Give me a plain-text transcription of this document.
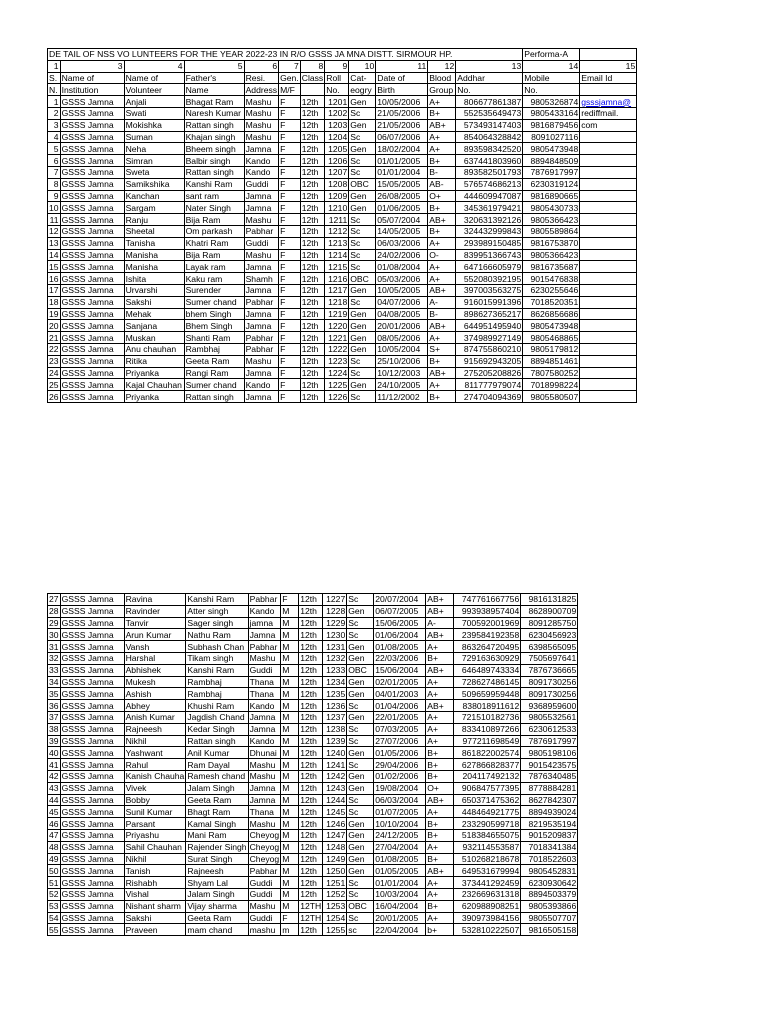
DE TAIL OF NSS VO LUNTEERS FOR THE YEAR 2022-23 IN R/O GSSS JA MNA DISTT. SIRMOUR HP.												Performa-A	
1	3	4	5	6	7	8	9	10	11	12	13	14	15
S.	Name of	Name of	Father's	Resi.	Gen.	Class	Roll	Cat-	Date of	Blood	Addhar	Mobile	Email Id
N.	Institution	Volunteer	Name	Address	M/F		No.	eogry	Birth	Group	No.	No.	
1	GSSS Jamna	Anjali	Bhagat Ram	Mashu	F	12th	1201	Gen	10/05/2006	A+	806677861387	9805326874	gsssjamna@
2	GSSS Jamna	Swati	Naresh Kumar	Mashu	F	12th	1202	Sc	21/05/2006	B+	552535649473	9805433164	rediffmail.
3	GSSS Jamna	Mokishka	Rattan singh	Mashu	F	12th	1203	Gen	21/05/2006	AB+	573493147403	9816879456	com
4	GSSS Jamna	Suman	Khajan singh	Mashu	F	12th	1204	Sc	06/07/2006	A+	854064328842	8091027116	
5	GSSS Jamna	Neha	Bheem singh	Jamna	F	12th	1205	Gen	18/02/2004	A+	893598342520	9805473948	
6	GSSS Jamna	Simran	Balbir singh	Kando	F	12th	1206	Sc	01/01/2005	B+	637441803960	8894848509	
7	GSSS Jamna	Sweta	Rattan singh	Kando	F	12th	1207	Sc	01/01/2004	B-	893582501793	7876917997	
8	GSSS Jamna	Samikshika	Kanshi Ram	Guddi	F	12th	1208	OBC	15/05/2005	AB-	576574686213	6230319124	
9	GSSS Jamna	Kanchan	sant ram	Jamna	F	12th	1209	Gen	26/08/2005	O+	444609947087	9816890665	
10	GSSS Jamna	Sargam	Nater Singh	Jamna	F	12th	1210	Gen	01/06/2005	B+	345361979421	9805430733	
11	GSSS Jamna	Ranju	Bija Ram	Mashu	F	12th	1211	Sc	05/07/2004	AB+	320631392126	9805366423	
12	GSSS Jamna	Sheetal	Om parkash	Pabhar	F	12th	1212	Sc	14/05/2005	B+	324432999843	9805589864	
13	GSSS Jamna	Tanisha	Khatri Ram	Guddi	F	12th	1213	Sc	06/03/2006	A+	293989150485	9816753870	
14	GSSS Jamna	Manisha	Bija Ram	Mashu	F	12th	1214	Sc	24/02/2006	O-	839951366743	9805366423	
15	GSSS Jamna	Manisha	Layak ram	Jamna	F	12th	1215	Sc	01/08/2004	A+	647166605979	9816735687	
16	GSSS Jamna	Ishita	Kaku ram	Shamh	F	12th	1216	OBC	05/03/2006	A+	552080392195	9015476838	
17	GSSS Jamna	Urvarshi	Surender	Jamna	F	12th	1217	Gen	10/05/2005	AB+	397003563275	6230255646	
18	GSSS Jamna	Sakshi	Sumer chand	Pabhar	F	12th	1218	Sc	04/07/2006	A-	916015991396	7018520351	
19	GSSS Jamna	Mehak	bhem Singh	Jamna	F	12th	1219	Gen	04/08/2005	B-	898627365217	8626856686	
20	GSSS Jamna	Sanjana	Bhem Singh	Jamna	F	12th	1220	Gen	20/01/2006	AB+	644951495940	9805473948	
21	GSSS Jamna	Muskan	Shanti Ram	Pabhar	F	12th	1221	Gen	08/05/2006	A+	374989927149	9805468865	
22	GSSS Jamna	Anu chauhan	Rambhaj	Pabhar	F	12th	1222	Gen	10/05/2004	S+	874755860210	9805179812	
23	GSSS Jamna	Ritika	Geeta Ram	Mashu	F	12th	1223	Sc	25/10/2006	B+	915692943205	8894851461	
24	GSSS Jamna	Priyanka	Rangi Ram	Jamna	F	12th	1224	Sc	10/12/2003	AB+	275205208826	7807580252	
25	GSSS Jamna	Kajal Chauhan	Sumer chand	Kando	F	12th	1225	Gen	24/10/2005	A+	811777979074	7018998224	
26	GSSS Jamna	Priyanka	Rattan singh	Jamna	F	12th	1226	Sc	11/12/2002	B+	274704094369	9805580507	
27	GSSS Jamna	Ravina	Kanshi Ram	Pabhar	F	12th	1227	Sc	20/07/2004	AB+	747761667756	9816131825
28	GSSS Jamna	Ravinder	Atter singh	Kando	M	12th	1228	Gen	06/07/2005	AB+	993938957404	8628900709
29	GSSS Jamna	Tanvir	Sager singh	jamna	M	12th	1229	Sc	15/06/2005	A-	700592001969	8091285750
30	GSSS Jamna	Arun Kumar	Nathu Ram	Jamna	M	12th	1230	Sc	01/06/2004	AB+	239584192358	6230456923
31	GSSS Jamna	Vansh	Subhash Chan	Pabhar	M	12th	1231	Gen	01/08/2005	A+	863264720495	6398565095
32	GSSS Jamna	Harshal	Tikam singh	Mashu	M	12th	1232	Gen	22/03/2006	B+	729163630929	7505697641
33	GSSS Jamna	Abhishek	Kanshi Ram	Guddi	M	12th	1233	OBC	15/06/2004	AB+	646489743334	7876736665
34	GSSS Jamna	Mukesh	Rambhaj	Thana	M	12th	1234	Gen	02/01/2005	A+	728627486145	8091730256
35	GSSS Jamna	Ashish	Rambhaj	Thana	M	12th	1235	Gen	04/01/2003	A+	509659959448	8091730256
36	GSSS Jamna	Abhey	Khushi Ram	Kando	M	12th	1236	Sc	01/04/2006	AB+	838018911612	9368959600
37	GSSS Jamna	Anish Kumar	Jagdish Chand	Jamna	M	12th	1237	Gen	22/01/2005	A+	721510182736	9805532561
38	GSSS Jamna	Rajneesh	Kedar Singh	Jamna	M	12th	1238	Sc	07/03/2005	A+	833410897266	6230612533
39	GSSS Jamna	Nikhil	Rattan singh	Kando	M	12th	1239	Sc	27/07/2006	A+	977211698549	7876917997
40	GSSS Jamna	Yashwant	Anil Kumar	Dhunai	M	12th	1240	Gen	01/05/2006	B+	861822002574	9805198106
41	GSSS Jamna	Rahul	Ram Dayal	Mashu	M	12th	1241	Sc	29/04/2006	B+	627866828377	9015423575
42	GSSS Jamna	Kanish Chauha	Ramesh chand	Mashu	M	12th	1242	Gen	01/02/2006	B+	204117492132	7876340485
43	GSSS Jamna	Vivek	Jalam Singh	Jamna	M	12th	1243	Gen	19/08/2004	O+	906847577395	8778884281
44	GSSS Jamna	Bobby	Geeta Ram	Jamna	M	12th	1244	Sc	06/03/2004	AB+	650371475362	8627842307
45	GSSS Jamna	Sunil Kumar	Bhagt Ram	Thana	M	12th	1245	Sc	01/07/2005	A+	448464921775	8894939024
46	GSSS Jamna	Parsant	Kamal Singh	Mashu	M	12th	1246	Gen	10/10/2004	B+	233290599718	8219535194
47	GSSS Jamna	Priyashu	Mani Ram	Cheyog	M	12th	1247	Gen	24/12/2005	B+	518384655075	9015209837
48	GSSS Jamna	Sahil Chauhan	Rajender Singh	Cheyog	M	12th	1248	Gen	27/04/2004	A+	932114553587	7018341384
49	GSSS Jamna	Nikhil	Surat Singh	Cheyog	M	12th	1249	Gen	01/08/2005	B+	510268218678	7018522603
50	GSSS Jamna	Tanish	Rajneesh	Pabhar	M	12th	1250	Gen	01/05/2005	AB+	649531679994	9805452831
51	GSSS Jamna	Rishabh	Shyam Lal	Guddi	M	12th	1251	Sc	01/01/2004	A+	373441292459	6230930642
52	GSSS Jamna	Vishal	Jalam Singh	Guddi	M	12th	1252	Sc	10/03/2004	A+	232669631318	8894503379
53	GSSS Jamna	Nishant sharm	Vijay sharma	Mashu	M	12TH	1253	OBC	16/04/2004	B+	620988908251	9805393866
54	GSSS Jamna	Sakshi	Geeta Ram	Guddi	F	12TH	1254	Sc	20/01/2005	A+	390973984156	9805507707
55	GSSS Jamna	Praveen	mam chand	mashu	m	12th	1255	sc	22/04/2004	b+	532810222507	9816505158
